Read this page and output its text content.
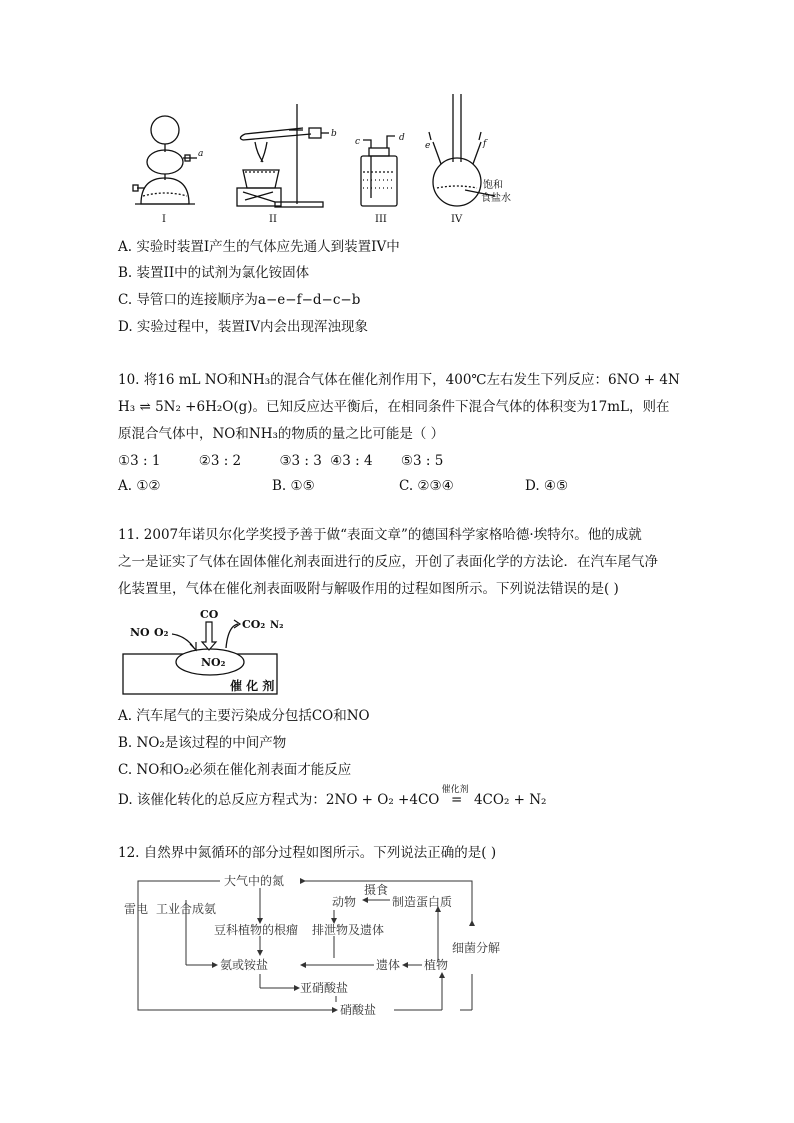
a
b
c	d
e	f
饱和
食盐水
I	II	III	IV
A. 实验时装置I产生的气体应先通人到装置IV中
B. 装置II中的试剂为氯化铵固体
C. 导管口的连接顺序为a−e−f−d−c−b
D. 实验过程中，装置IV内会出现浑浊现象
10. 将16 mL NO和NH₃的混合气体在催化剂作用下，400℃左右发生下列反应：6NO + 4N
H₃ ⇌ 5N₂ +6H₂O(g)。已知反应达平衡后，在相同条件下混合气体的体积变为17mL，则在
原混合气体中，NO和NH₃的物质的量之比可能是（ ）
①3 : 1	②3 : 2	③3 : 3 ④3 : 4 ⑤3 : 5
A. ①②	B. ①⑤	C. ②③④	D. ④⑤
11. 2007年诺贝尔化学奖授予善于做“表面文章”的德国科学家格哈德·埃特尔。他的成就
之一是证实了气体在固体催化剂表面进行的反应，开创了表面化学的方法论．在汽车尾气净
化装置里，气体在催化剂表面吸附与解吸作用的过程如图所示。下列说法错误的是( )
NO O₂
CO
CO₂ N₂
NO₂
催 化 剂
A. 汽车尾气的主要污染成分包括CO和NO
B. NO₂是该过程的中间产物
C. NO和O₂必须在催化剂表面才能反应
D. 该催化转化的总反应方程式为：2NO + O₂ +4CO
催化剂
= 4CO₂ + N₂
12. 自然界中氮循环的部分过程如图所示。下列说法正确的是( )
大气中的氮
雷电 工业合成氨
摄食
动物	制造蛋白质
豆科植物的根瘤 排泄物及遗体
细菌分解
氨或铵盐	遗体 植物
亚硝酸盐
硝酸盐
